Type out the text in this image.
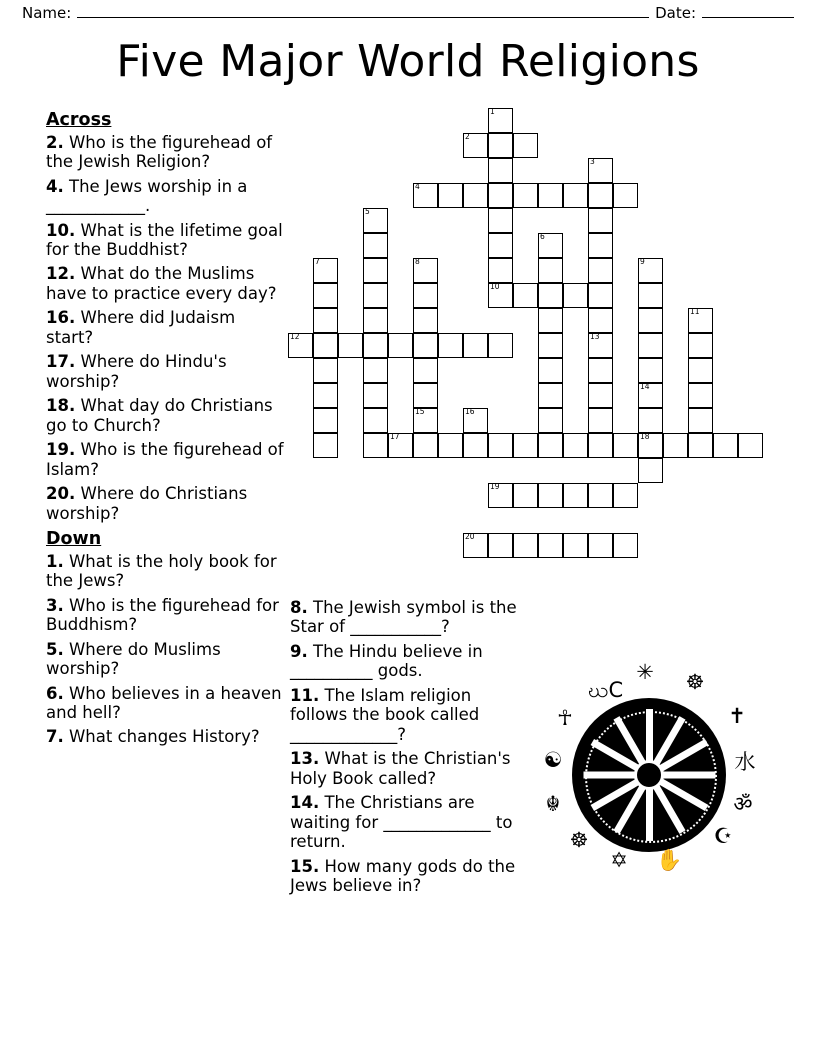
Name:	Date:
Five Major World Religions
Across
2. Who is the figurehead of the Jewish Religion?
4. The Jews worship in a ____________.
10. What is the lifetime goal for the Buddhist?
12. What do the Muslims have to practice every day?
16. Where did Judaism start?
17. Where do Hindu's worship?
18. What day do Christians go to Church?
19. Who is the figurehead of Islam?
20. Where do Christians worship?
Down
1. What is the holy book for the Jews?
3. Who is the figurehead for Buddhism?
5. Where do Muslims worship?
6. Who believes in a heaven and hell?
7. What changes History?
8. The Jewish symbol is the Star of ___________?
9. The Hindu believe in __________ gods.
11. The Islam religion follows the book called _____________?
13. What is the Christian's Holy Book called?
14. The Christians are waiting for _____________ to return.
15. How many gods do the Jews believe in?
1
2
3
4
5
6
7	8	9
10
11
12	13
14
15	16
17	18
19
20
ဃC
✳ ☸
✝
☥
☯	水
☬	ॐ
☸	☪
✡ ✋
